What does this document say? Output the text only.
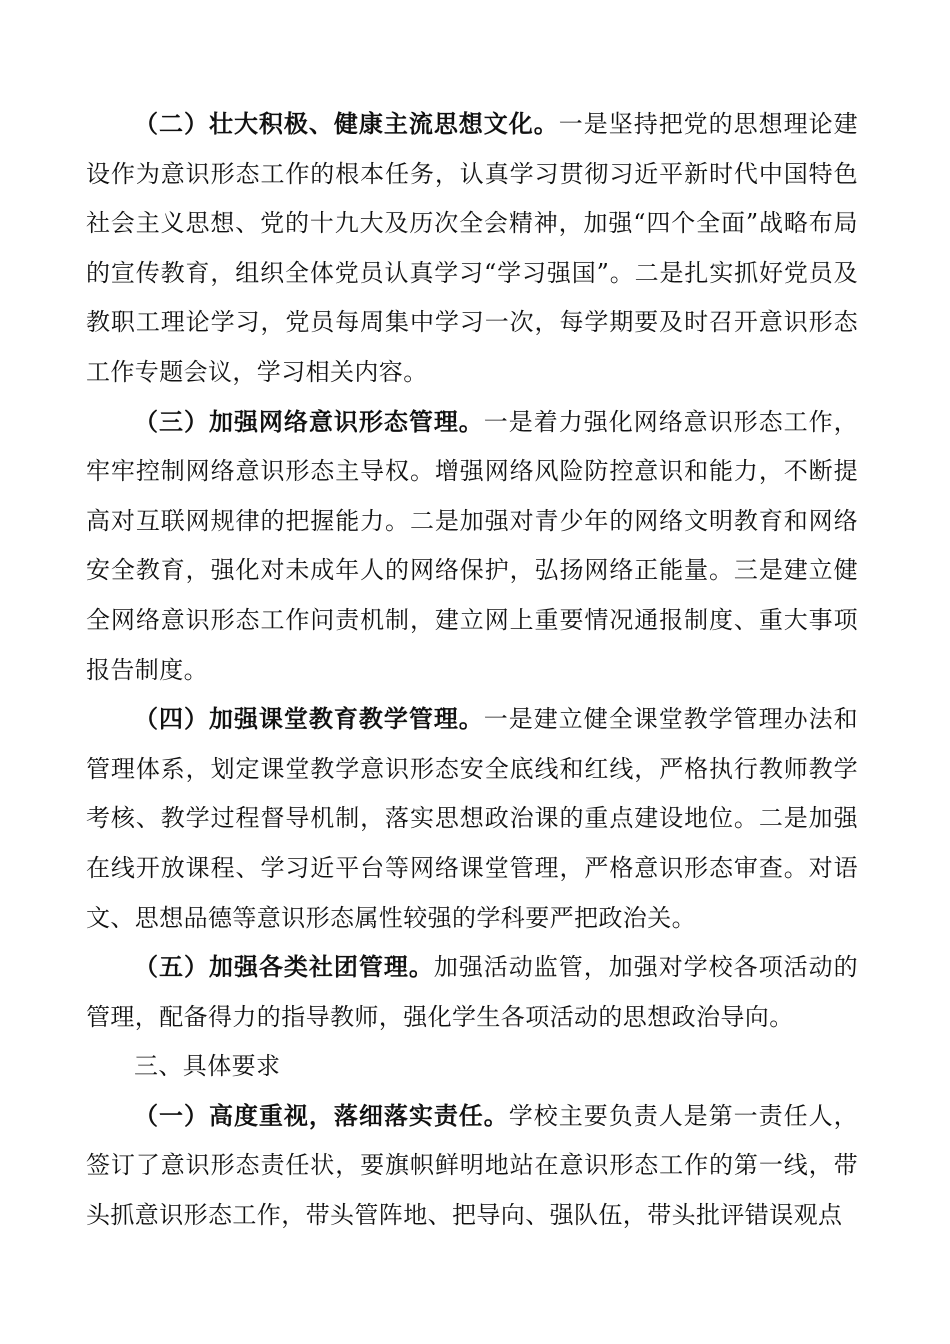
（二）壮大积极、健康主流思想文化。一是坚持把党的思想理论建设作为意识形态工作的根本任务，认真学习贯彻习近平新时代中国特色社会主义思想、党的十九大及历次全会精神，加强“四个全面”战略布局的宣传教育，组织全体党员认真学习“学习强国”。二是扎实抓好党员及教职工理论学习，党员每周集中学习一次，每学期要及时召开意识形态工作专题会议，学习相关内容。

（三）加强网络意识形态管理。一是着力强化网络意识形态工作，牢牢控制网络意识形态主导权。增强网络风险防控意识和能力，不断提高对互联网规律的把握能力。二是加强对青少年的网络文明教育和网络安全教育，强化对未成年人的网络保护，弘扬网络正能量。三是建立健全网络意识形态工作问责机制，建立网上重要情况通报制度、重大事项报告制度。

（四）加强课堂教育教学管理。一是建立健全课堂教学管理办法和管理体系，划定课堂教学意识形态安全底线和红线，严格执行教师教学考核、教学过程督导机制，落实思想政治课的重点建设地位。二是加强在线开放课程、学习近平台等网络课堂管理，严格意识形态审查。对语文、思想品德等意识形态属性较强的学科要严把政治关。

（五）加强各类社团管理。加强活动监管，加强对学校各项活动的管理，配备得力的指导教师，强化学生各项活动的思想政治导向。

三、具体要求

（一）高度重视，落细落实责任。学校主要负责人是第一责任人，签订了意识形态责任状，要旗帜鲜明地站在意识形态工作的第一线，带头抓意识形态工作，带头管阵地、把导向、强队伍，带头批评错误观点
